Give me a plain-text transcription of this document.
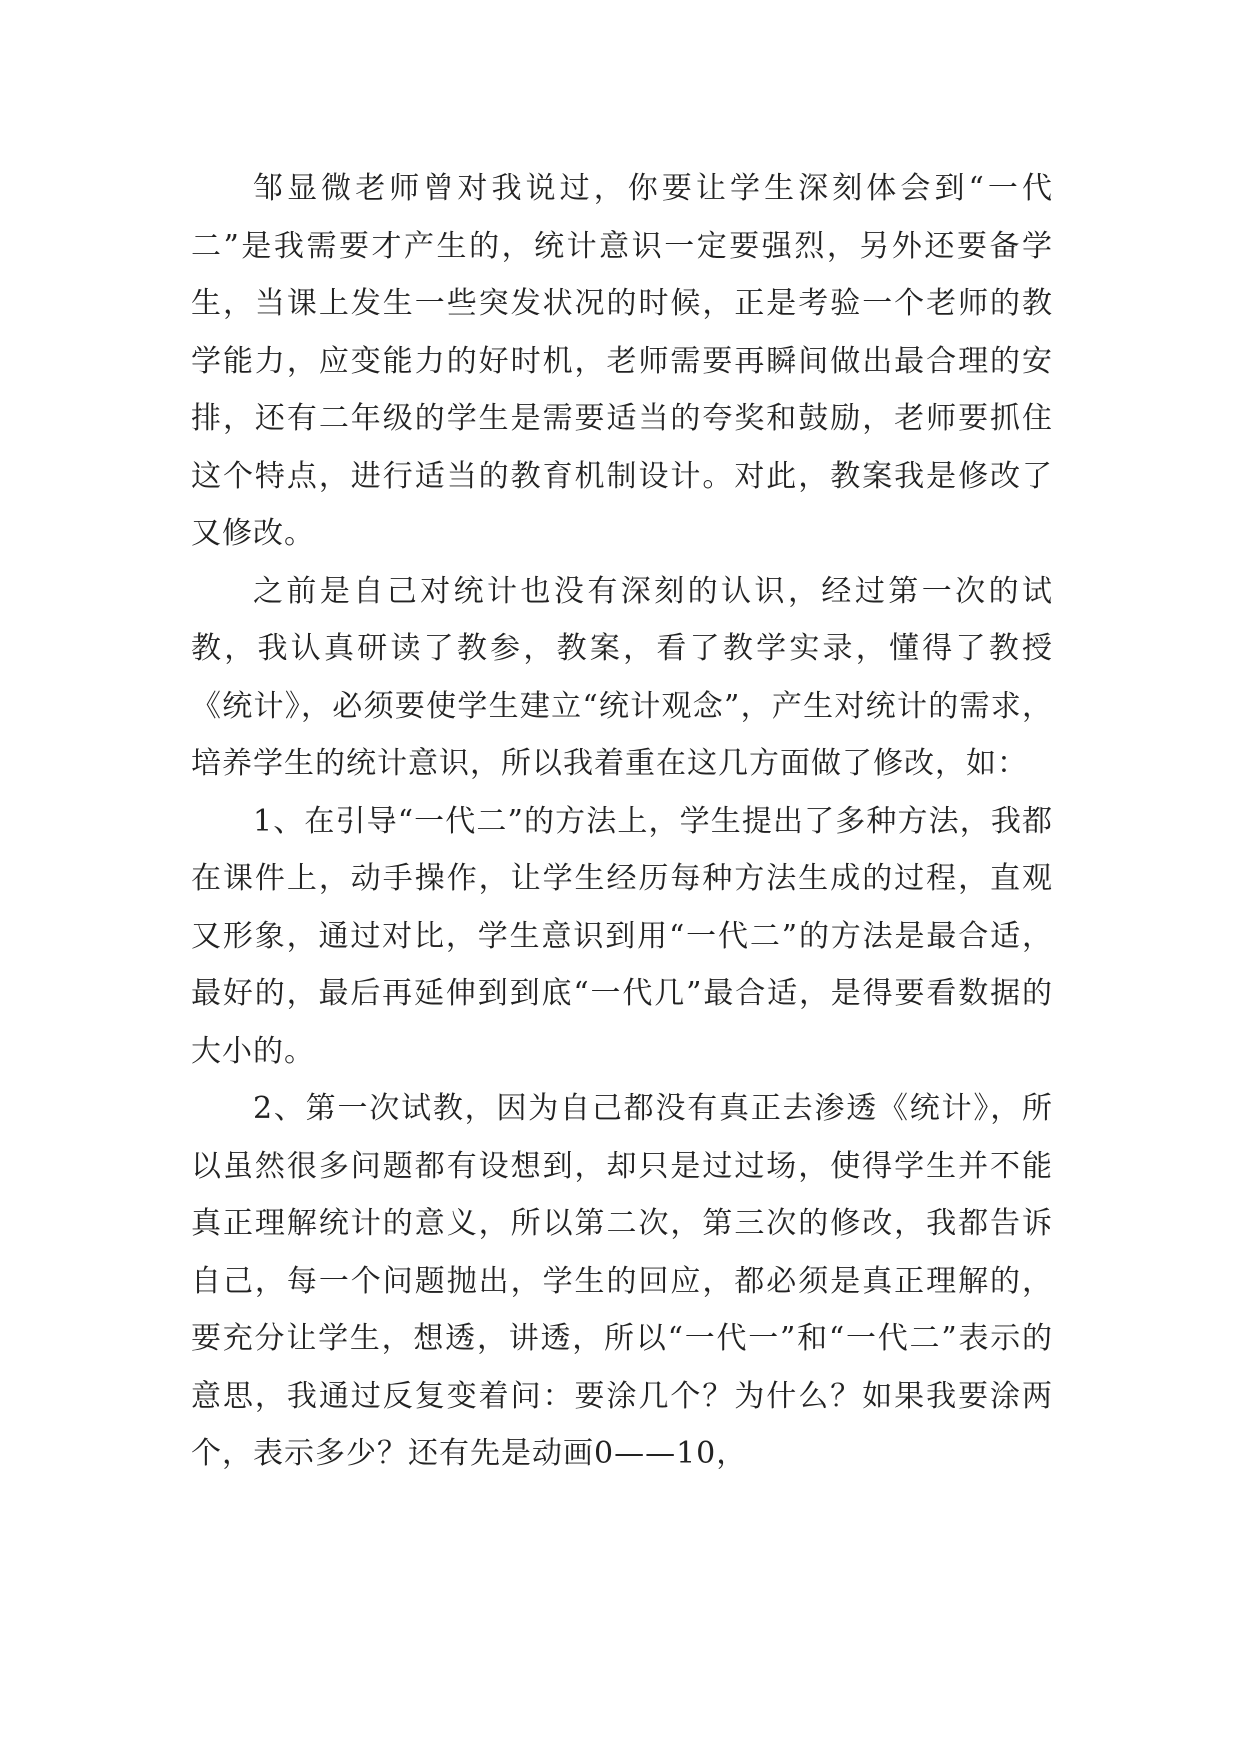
邹显微老师曾对我说过，你要让学生深刻体会到“一代二”是我需要才产生的，统计意识一定要强烈，另外还要备学生，当课上发生一些突发状况的时候，正是考验一个老师的教学能力，应变能力的好时机，老师需要再瞬间做出最合理的安排，还有二年级的学生是需要适当的夸奖和鼓励，老师要抓住这个特点，进行适当的教育机制设计。对此，教案我是修改了又修改。

之前是自己对统计也没有深刻的认识，经过第一次的试教，我认真研读了教参，教案，看了教学实录，懂得了教授《统计》，必须要使学生建立“统计观念”，产生对统计的需求，培养学生的统计意识，所以我着重在这几方面做了修改，如：

1、在引导“一代二”的方法上，学生提出了多种方法，我都在课件上，动手操作，让学生经历每种方法生成的过程，直观又形象，通过对比，学生意识到用“一代二”的方法是最合适，最好的，最后再延伸到到底“一代几”最合适，是得要看数据的大小的。

2、第一次试教，因为自己都没有真正去渗透《统计》，所以虽然很多问题都有设想到，却只是过过场，使得学生并不能真正理解统计的意义，所以第二次，第三次的修改，我都告诉自己，每一个问题抛出，学生的回应，都必须是真正理解的，要充分让学生，想透，讲透，所以“一代一”和“一代二”表示的意思，我通过反复变着问：要涂几个？为什么？如果我要涂两个，表示多少？还有先是动画0——10，
